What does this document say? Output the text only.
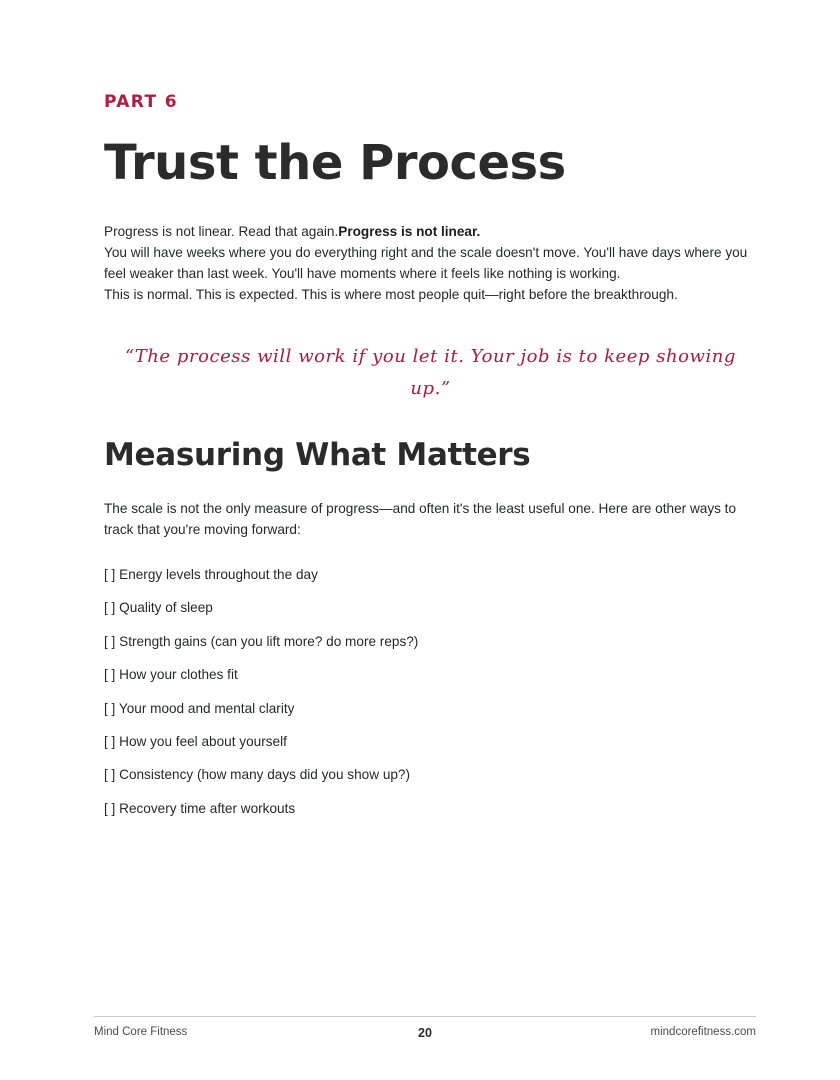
PART 6
Trust the Process

Progress is not linear. Read that again.Progress is not linear.

You will have weeks where you do everything right and the scale doesn't move. You'll have days where you feel weaker than last week. You'll have moments where it feels like nothing is working.

This is normal. This is expected. This is where most people quit—right before the breakthrough.

“The process will work if you let it. Your job is to keep showing up.”
Measuring What Matters

The scale is not the only measure of progress—and often it's the least useful one. Here are other ways to track that you're moving forward:

[ ] Energy levels throughout the day
[ ] Quality of sleep
[ ] Strength gains (can you lift more? do more reps?)
[ ] How your clothes fit
[ ] Your mood and mental clarity
[ ] How you feel about yourself
[ ] Consistency (how many days did you show up?)
[ ] Recovery time after workouts
Mind Core Fitness	20	mindcorefitness.com
